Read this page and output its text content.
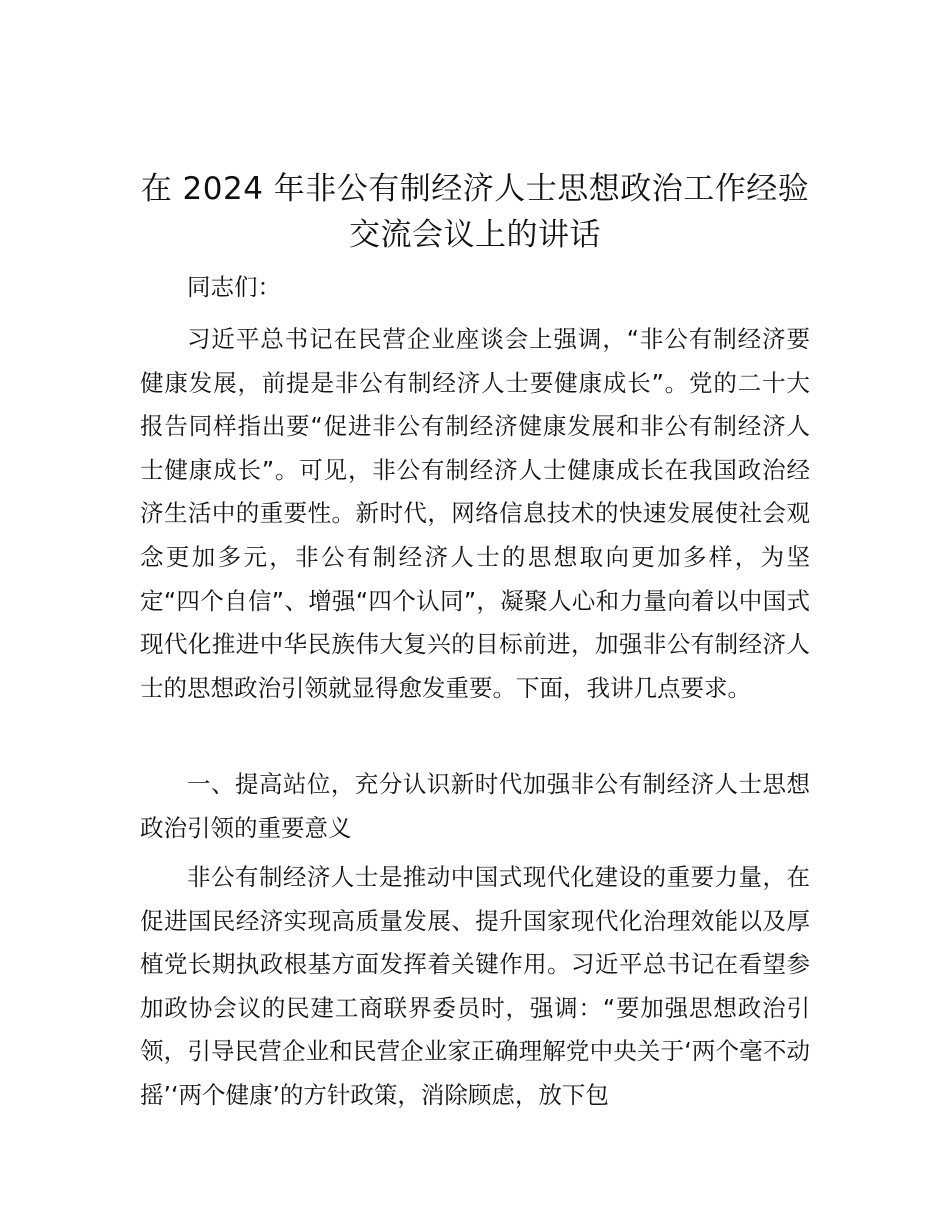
在 2024 年非公有制经济人士思想政治工作经验交流会议上的讲话

同志们：

习近平总书记在民营企业座谈会上强调，“非公有制经济要健康发展，前提是非公有制经济人士要健康成长”。党的二十大报告同样指出要“促进非公有制经济健康发展和非公有制经济人士健康成长”。可见，非公有制经济人士健康成长在我国政治经济生活中的重要性。新时代，网络信息技术的快速发展使社会观念更加多元，非公有制经济人士的思想取向更加多样，为坚定“四个自信”、增强“四个认同”，凝聚人心和力量向着以中国式现代化推进中华民族伟大复兴的目标前进，加强非公有制经济人士的思想政治引领就显得愈发重要。下面，我讲几点要求。

一、提高站位，充分认识新时代加强非公有制经济人士思想政治引领的重要意义

非公有制经济人士是推动中国式现代化建设的重要力量，在促进国民经济实现高质量发展、提升国家现代化治理效能以及厚植党长期执政根基方面发挥着关键作用。习近平总书记在看望参加政协会议的民建工商联界委员时，强调：“要加强思想政治引领，引导民营企业和民营企业家正确理解党中央关于‘两个毫不动摇’‘两个健康’的方针政策，消除顾虑，放下包
